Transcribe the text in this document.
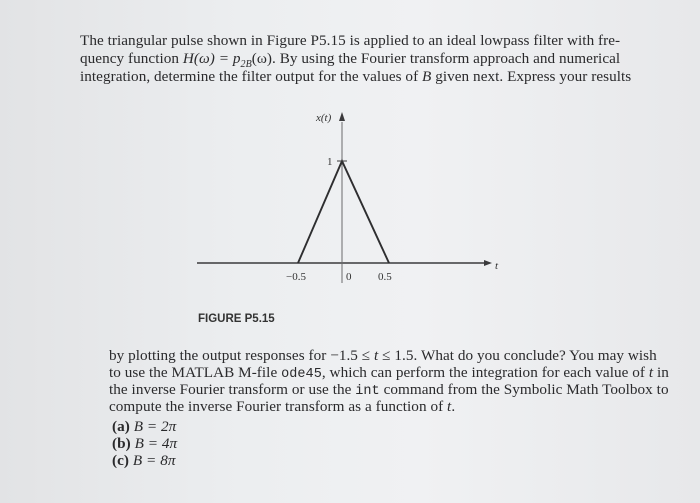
The triangular pulse shown in Figure P5.15 is applied to an ideal lowpass filter with fre-
quency function $H(\omega) = p_{2B}(\omega)$. By using the Fourier transform approach and numerical
integration, determine the filter output for the values of B given next. Express your results
t
x(t)
1
−0.5	0 0.5
FIGURE P5.15
by plotting the output responses for −1.5 ≤ t ≤ 1.5. What do you conclude? You may wish
to use the MATLAB M-file ode45, which can perform the integration for each value of t in
the inverse Fourier transform or use the int command from the Symbolic Math Toolbox to
compute the inverse Fourier transform as a function of t.
(a) B = 2π
(b) B = 4π
(c) B = 8π
